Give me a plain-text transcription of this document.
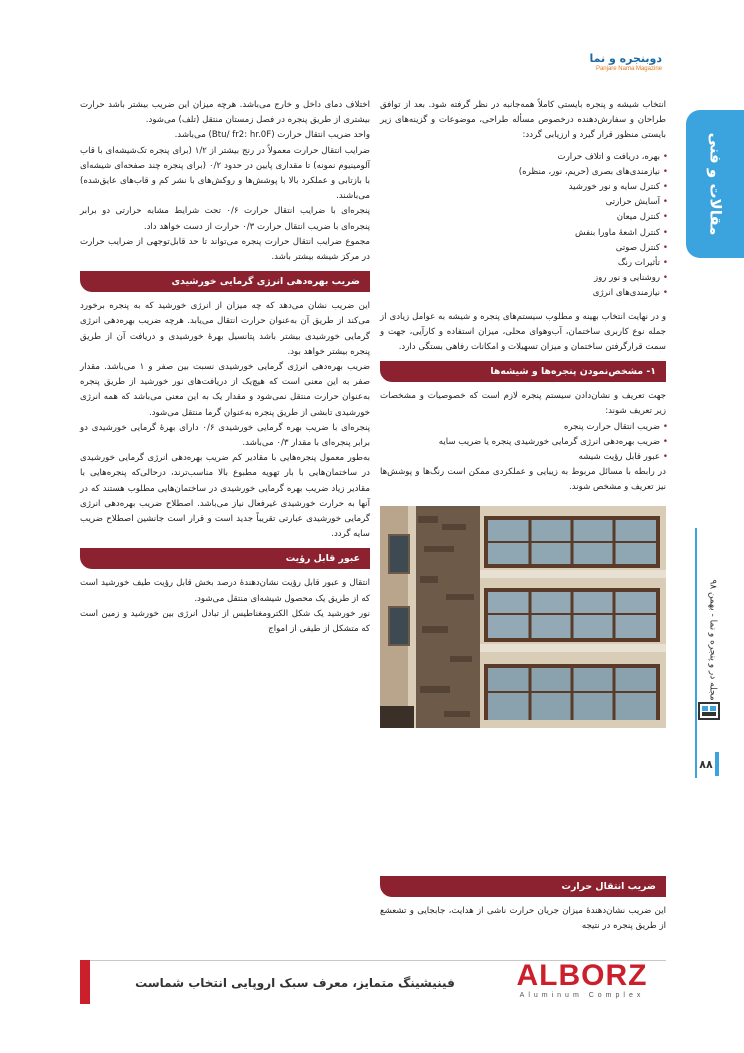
دوبنجره و نما
Panjare Nama Magazine
مقالات و فنی
مجله در و پنجره و نما - بهمن ۹۸
۸۸

انتخاب شیشه و پنجره بایستی کاملاً همه‌جانبه در نظر گرفته شود. بعد از توافق طراحان و سفارش‌دهنده درخصوص مسأله طراحی، موضوعات و گزینه‌های زیر بایستی منظور قرار گیرد و ارزیابی گردد:

• بهره، دریافت و اتلاف حرارت
• نیازمندی‌های بصری (حریم، نور، منظره)
• کنترل سایه و نور خورشید
• آسایش حرارتی
• کنترل میعان
• کنترل اشعهٔ ماورا بنفش
• کنترل صوتی
• تأثیرات رنگ
• روشنایی و نور روز
• نیازمندی‌های انرژی

و در نهایت انتخاب بهینه و مطلوب سیستم‌های پنجره و شیشه به عوامل زیادی از جمله نوع کاربری ساختمان، آب‌وهوای محلی، میزان استفاده و کارآیی، جهت و سمت قرارگرفتن ساختمان و میزان تسهیلات و امکانات رفاهی بستگی دارد.

۱- مشخص‌نمودن پنجره‌ها و شیشه‌ها

جهت تعریف و نشان‌دادن سیستم پنجره لازم است که خصوصیات و مشخصات زیر تعریف شوند:

• ضریب انتقال حرارت پنجره
• ضریب بهره‌دهی انرژی گرمایی خورشیدی پنجره یا ضریب سایه
• عبور قابل رؤیت شیشه

در رابطه با مسائل مربوط به زیبایی و عملکردی ممکن است رنگ‌ها و پوشش‌ها نیز تعریف و مشخص شوند.

ضریب انتقال حرارت

این ضریب نشان‌دهندهٔ میزان جریان حرارت ناشی از هدایت، جابجایی و تشعشع از طریق پنجره در نتیجه

اختلاف دمای داخل و خارج می‌باشد. هرچه میزان این ضریب بیشتر باشد حرارت بیشتری از طریق پنجره در فصل زمستان منتقل (تلف) می‌شود.

واحد ضریب انتقال حرارت (Btu/ fr2: hr.0F) می‌باشد.

ضرایب انتقال حرارت معمولاً در رنج بیشتر از ۱/۲ (برای پنجره تک‌شیشه‌ای با قاب آلومینیوم نمونه) تا مقداری پایین در حدود ۰/۲ (برای پنجره چند صفحه‌ای شیشه‌ای با بازتابی و عملکرد بالا با پوشش‌ها و روکش‌های با نشر کم و قاب‌های عایق‌شده) می‌باشند.

پنجره‌ای با ضرایب انتقال حرارت ۰/۶ تحت شرایط مشابه حرارتی دو برابر پنجره‌ای با ضریب انتقال حرارت ۰/۳ حرارت از دست خواهد داد.

مجموع ضرایب انتقال حرارت پنجره می‌تواند تا حد قابل‌توجهی از ضرایب حرارت در مرکز شیشه بیشتر باشد.

ضریب بهره‌دهی انرژی گرمایی خورشیدی

این ضریب نشان می‌دهد که چه میزان از انرژی خورشید که به پنجره برخورد می‌کند از طریق آن به‌عنوان حرارت انتقال می‌یابد. هرچه ضریب بهره‌دهی انرژی گرمایی خورشیدی بیشتر باشد پتانسیل بهرهٔ خورشیدی و دریافت آن از طریق پنجره بیشتر خواهد بود.

ضریب بهره‌دهی انرژی گرمایی خورشیدی نسبت بین صفر و ۱ می‌باشد. مقدار صفر به این معنی است که هیچ‌یک از دریافت‌های نور خورشید از طریق پنجره به‌عنوان حرارت منتقل نمی‌شود و مقدار یک به این معنی می‌باشد که همه انرژی خورشیدی تابشی از طریق پنجره به‌عنوان گرما منتقل می‌شود.

پنجره‌ای با ضریب بهره گرمایی خورشیدی ۰/۶ دارای بهرهٔ گرمایی خورشیدی دو برابر پنجره‌ای با مقدار ۰/۳ می‌باشد.

به‌طور معمول پنجره‌هایی با مقادیر کم ضریب بهره‌دهی انرژی گرمایی خورشیدی در ساختمان‌هایی با بار تهویه مطبوع بالا مناسب‌ترند، درحالی‌که پنجره‌هایی با مقادیر زیاد ضریب بهره گرمایی خورشیدی در ساختمان‌هایی مطلوب هستند که در آنها به حرارت خورشیدی غیرفعال نیاز می‌باشد. اصطلاح ضریب بهره‌دهی انرژی گرمایی خورشیدی عبارتی تقریباً جدید است و قرار است جانشین اصطلاح ضریب سایه گردد.

عبور قابل رؤیت

انتقال و عبور قابل رؤیت نشان‌دهندهٔ درصد بخش قابل رؤیت طیف خورشید است که از طریق یک محصول شیشه‌ای منتقل می‌شود.

نور خورشید یک شکل الکترومغناطیس از تبادل انرژی بین خورشید و زمین است که متشکل از طیفی از امواج

فینیشینگ متمایز، معرف سبک اروپایی انتخاب شماست	ALBORZ
Aluminum Complex
